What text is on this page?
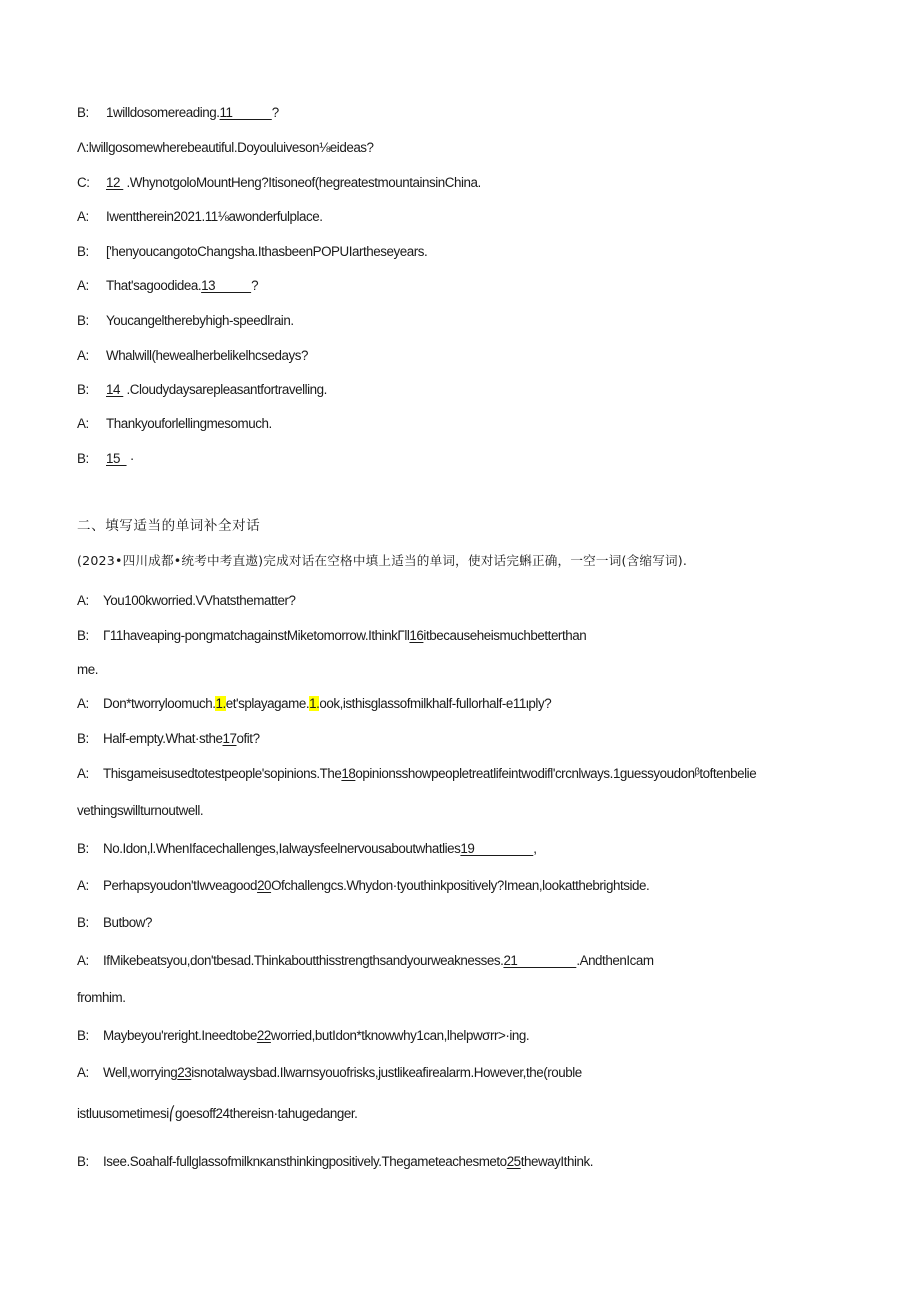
B: 1willdosomereading.11            ?
Λ:lwillgosomewherebeautiful.Doyouluiveson⅛eideas?
C: 12  .WhynotgoloMountHeng?Itisoneof(hegreatestmountainsinChina.
A: Iwenttherein2021.11⅛awonderfulplace.
B: ['henyoucangotoChangsha.IthasbeenPOPUIartheseyears.
A: That'sagoodidea.13           ?
B: Youcangeltherebyhigh-speedlrain.
A: Whalwill(hewealherbelikelhcsedays?
B: 14  .Cloudydaysarepleasantfortravelling.
A: Thankyouforlellingmesomuch.
B: 15   ·
二、填写适当的单词补全对话
(2023•四川成都•统考中考直遨)完成对话在空格中填上适当的单词，使对话完蝌正确，一空一词(含缩写词).
A: You100kworried.VVhatsthematter?
B: Γ11haveaping-pongmatchagainstMiketomorrow.IthinkΓll16itbecauseheismuchbetterthan
me.
A: Don*tworryloomuch.1.et'splayagame.1.ook,isthisglassofmilkhalf-fullorhalf-e11ιply?
B: Half-empty.What·sthe17ofit?
A: Thisgameisusedtotestpeople'sopinions.The18opinionsshowpeopletreatlifeintwodifl'crcnlways.1guessyoudonᵝtoftenbelie
vethingswillturnoutwell.
B: No.Idon,l.WhenIfacechallenges,Ialwaysfeelnervousaboutwhatlies19                  ,
A: Perhapsyoudon'tIwveagood20Ofchallengcs.Whydon·tyouthinkpositively?Imean,lookatthebrightside.
B: Butbow?
A: IfMikebeatsyou,don'tbesad.Thinkaboutthisstrengthsandyourweaknesses.21                  .AndthenIcam
fromhim.
B: Maybeyou'reright.Ineedtobe22worried,butIdon*tknowwhy1can,lhelpwσrr>·ing.
A: Well,worrying23isnotalwaysbad.Ilwarnsyouofrisks,justlikeafirealarm.However,the(rouble
istluusometimesi⎛goesoff24thereisn·tahugedanger.
B: Isee.Soahalf-fullglassofmilknκansthinkingpositively.Thegameteachesmeto25thewayIthink.
